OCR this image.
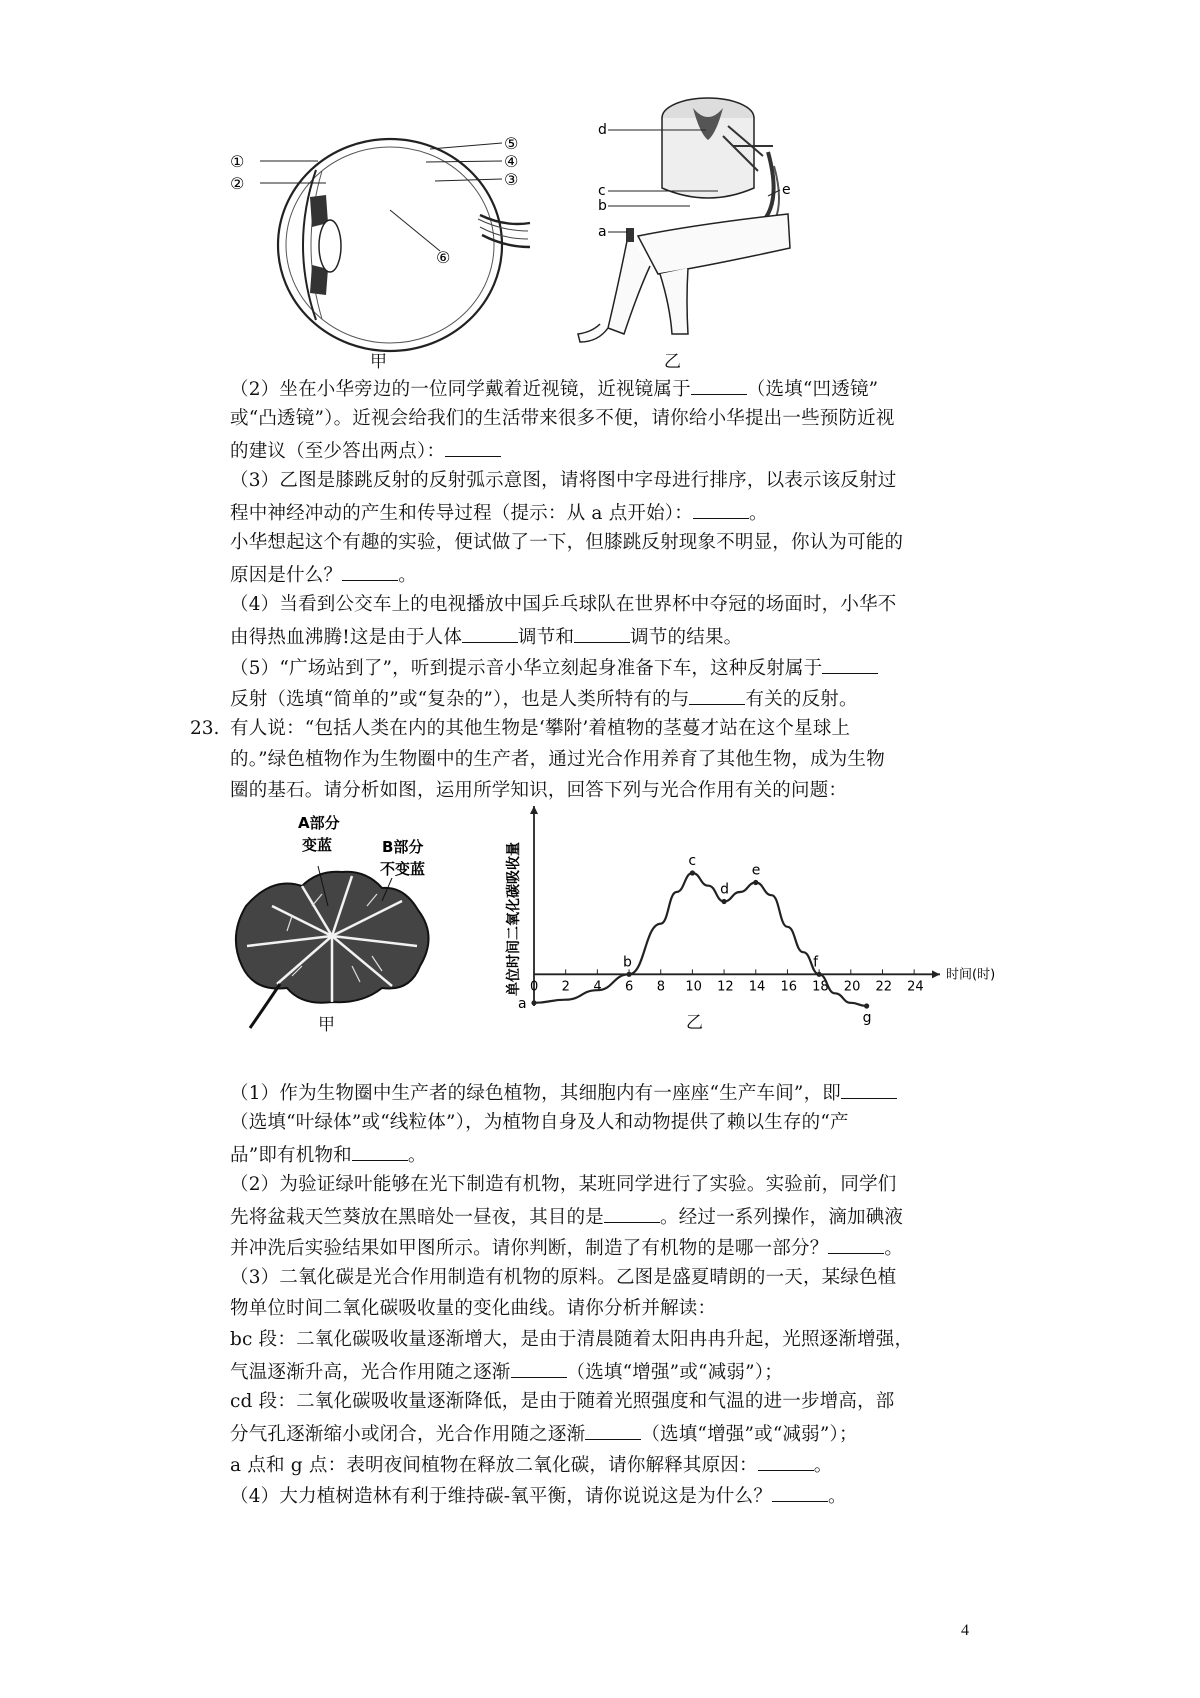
①
②
⑤
④
③
⑥
甲
d
c
b
a
e
乙
（2）坐在小华旁边的一位同学戴着近视镜，近视镜属于	（选填“凹透镜”
或“凸透镜”）。近视会给我们的生活带来很多不便，请你给小华提出一些预防近视
的建议（至少答出两点）：
（3）乙图是膝跳反射的反射弧示意图，请将图中字母进行排序，以表示该反射过
程中神经冲动的产生和传导过程（提示：从 a 点开始）：	。
小华想起这个有趣的实验，便试做了一下，但膝跳反射现象不明显，你认为可能的
原因是什么？	。
（4）当看到公交车上的电视播放中国乒乓球队在世界杯中夺冠的场面时，小华不
由得热血沸腾!这是由于人体	调节和	调节的结果。
（5）“广场站到了”，听到提示音小华立刻起身准备下车，这种反射属于
反射（选填“简单的”或“复杂的”），也是人类所特有的与	有关的反射。
23. 有人说：“包括人类在内的其他生物是‘攀附’着植物的茎蔓才站在这个星球上
的。”绿色植物作为生物圈中的生产者，通过光合作用养育了其他生物，成为生物
圈的基石。请分析如图，运用所学知识，回答下列与光合作用有关的问题：
A部分
变蓝	B部分
不变蓝
甲
0 2 4 6 8 10 12 14 16 18 20 22 24
a
b
c
d
e
f
g
单位时间二氧化碳吸收量	时间(时)
乙
（1）作为生物圈中生产者的绿色植物，其细胞内有一座座“生产车间”，即
（选填“叶绿体”或“线粒体”），为植物自身及人和动物提供了赖以生存的“产
品”即有机物和	。
（2）为验证绿叶能够在光下制造有机物，某班同学进行了实验。实验前，同学们
先将盆栽天竺葵放在黑暗处一昼夜，其目的是	。经过一系列操作，滴加碘液
并冲洗后实验结果如甲图所示。请你判断，制造了有机物的是哪一部分？	。
（3）二氧化碳是光合作用制造有机物的原料。乙图是盛夏晴朗的一天，某绿色植
物单位时间二氧化碳吸收量的变化曲线。请你分析并解读：
bc 段：二氧化碳吸收量逐渐增大，是由于清晨随着太阳冉冉升起，光照逐渐增强，
气温逐渐升高，光合作用随之逐渐	（选填“增强”或“减弱”）；
cd 段：二氧化碳吸收量逐渐降低，是由于随着光照强度和气温的进一步增高，部
分气孔逐渐缩小或闭合，光合作用随之逐渐	（选填“增强”或“减弱”）；
a 点和 g 点：表明夜间植物在释放二氧化碳，请你解释其原因：	。
（4）大力植树造林有利于维持碳-氧平衡，请你说说这是为什么？	。
4
